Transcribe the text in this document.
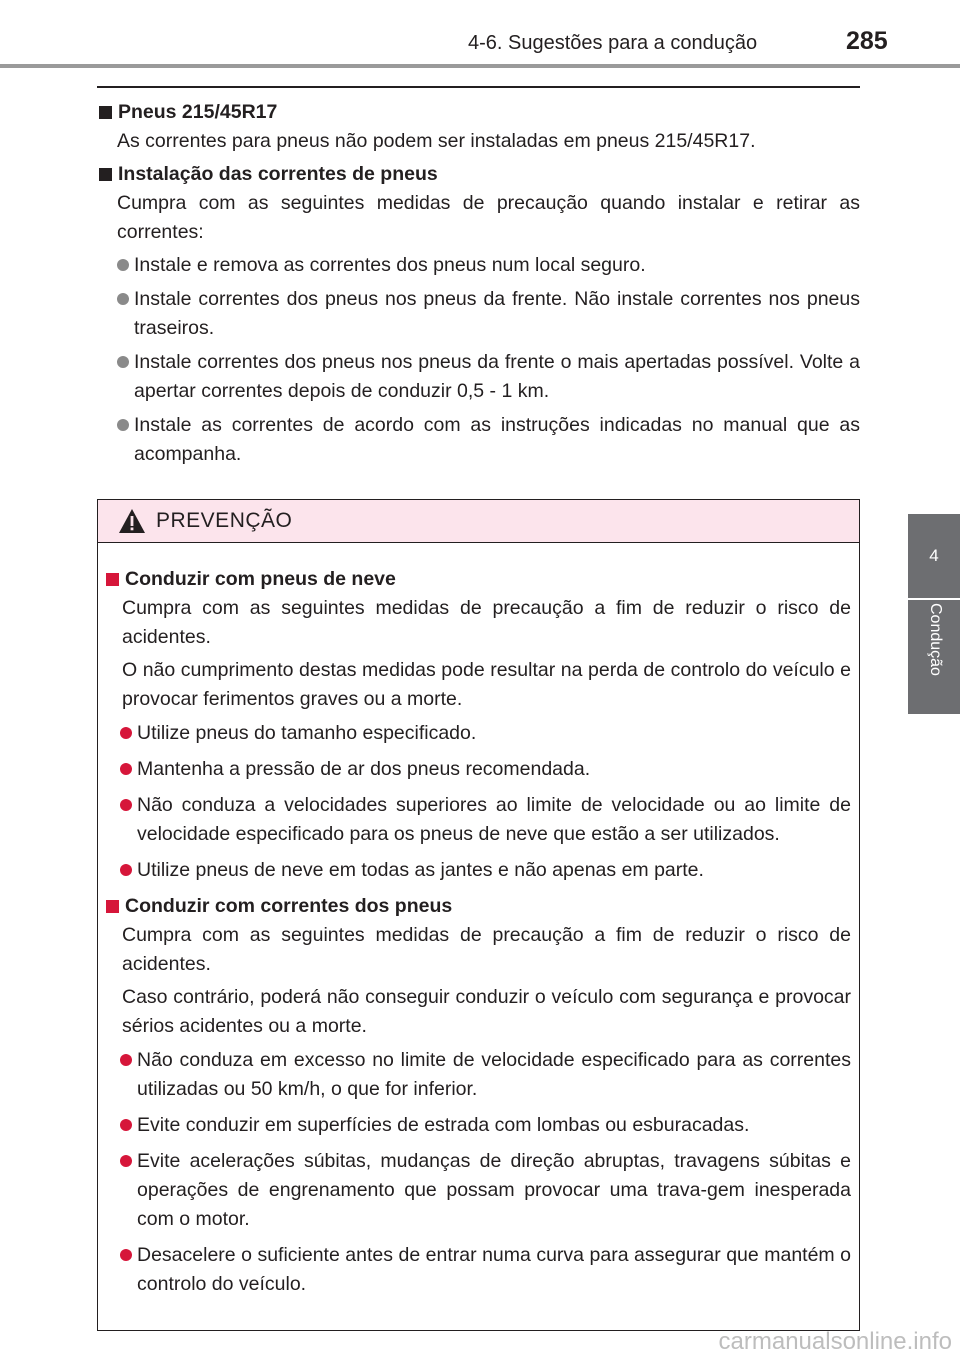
4-6. Sugestões para a condução	285
4
Condução
Pneus 215/45R17
As correntes para pneus não podem ser instaladas em pneus 215/45R17.
Instalação das correntes de pneus
Cumpra com as seguintes medidas de precaução quando instalar e retirar as correntes:
Instale e remova as correntes dos pneus num local seguro.
Instale correntes dos pneus nos pneus da frente. Não instale correntes nos pneus traseiros.
Instale correntes dos pneus nos pneus da frente o mais apertadas possível. Volte a apertar correntes depois de conduzir 0,5 - 1 km.
Instale as correntes de acordo com as instruções indicadas no manual que as acompanha.
PREVENÇÃO
Conduzir com pneus de neve
Cumpra com as seguintes medidas de precaução a fim de reduzir o risco de acidentes.
O não cumprimento destas medidas pode resultar na perda de controlo do veículo e provocar ferimentos graves ou a morte.
Utilize pneus do tamanho especificado.
Mantenha a pressão de ar dos pneus recomendada.
Não conduza a velocidades superiores ao limite de velocidade ou ao limite de velocidade especificado para os pneus de neve que estão a ser utilizados.
Utilize pneus de neve em todas as jantes e não apenas em parte.
Conduzir com correntes dos pneus
Cumpra com as seguintes medidas de precaução a fim de reduzir o risco de acidentes.
Caso contrário, poderá não conseguir conduzir o veículo com segurança e provocar sérios acidentes ou a morte.
Não conduza em excesso no limite de velocidade especificado para as correntes utilizadas ou 50 km/h, o que for inferior.
Evite conduzir em superfícies de estrada com lombas ou esburacadas.
Evite acelerações súbitas, mudanças de direção abruptas, travagens súbitas e operações de engrenamento que possam provocar uma trava-gem inesperada com o motor.
Desacelere o suficiente antes de entrar numa curva para assegurar que mantém o controlo do veículo.
carmanualsonline.info
